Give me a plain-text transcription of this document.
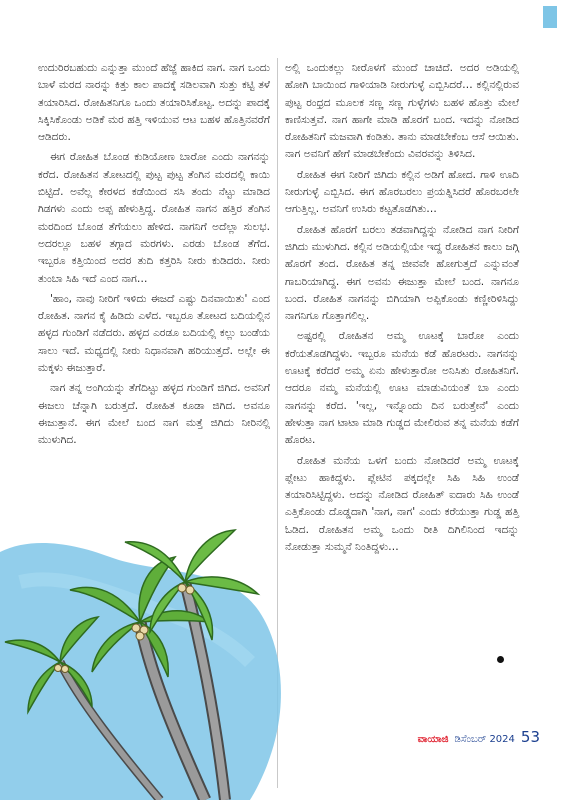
ಉದುರಿರಬಹುದು ಎನ್ನುತ್ತಾ ಮುಂದೆ ಹೆಜ್ಜೆ ಹಾಕಿದ ನಾಗ. ನಾಗ ಒಂದು ಬಾಳೆ ಮರದ ನಾರನ್ನು ಕಿತ್ತು ಕಾಲ ಪಾದಕ್ಕೆ ಸಡಿಲವಾಗಿ ಸುತ್ತು ಕಟ್ಟಿ ತಳೆ ತಯಾರಿಸಿದ. ರೋಹಿತನಿಗೂ ಒಂದು ತಯಾರಿಸಿಕೊಟ್ಟ. ಅದನ್ನು ಪಾದಕ್ಕೆ ಸಿಕ್ಕಿಸಿಕೊಂಡು ಅಡಿಕೆ ಮರ ಹತ್ತಿ ಇಳಿಯುವ ಆಟ ಬಹಳ ಹೊತ್ತಿನವರೆಗೆ ಆಡಿದರು.

ಈಗ ರೋಹಿತ ಬೊಂಡ ಕುಡಿಯೋಣ ಬಾರೋ ಎಂದು ನಾಗನನ್ನು ಕರೆದ. ರೋಹಿತನ ತೋಟದಲ್ಲಿ ಪುಟ್ಟ ಪುಟ್ಟ ತೆಂಗಿನ ಮರದಲ್ಲಿ ಕಾಯಿ ಬಿಟ್ಟಿದೆ. ಅವೆಲ್ಲ ಕೇರಳದ ಕಡೆಯಿಂದ ಸಸಿ ತಂದು ನೆಟ್ಟು ಮಾಡಿದ ಗಿಡಗಳು ಎಂದು ಅಪ್ಪ ಹೇಳುತ್ತಿದ್ದ. ರೋಹಿತ ನಾಗನ ಹತ್ತಿರ ತೆಂಗಿನ ಮರದಿಂದ ಬೊಂಡ ತೆಗೆಯಲು ಹೇಳಿದ. ನಾಗನಿಗೆ ಅದೆಲ್ಲಾ ಸುಲಭ. ಅದರಲ್ಲೂ ಬಹಳ ತಗ್ಗಾದ ಮರಗಳು. ಎರಡು ಬೊಂಡ ತೆಗೆದ. ಇಬ್ಬರೂ ಕತ್ತಿಯಿಂದ ಅದರ ತುದಿ ಕತ್ತರಿಸಿ ನೀರು ಕುಡಿದರು. ನೀರು ತುಂಬಾ ಸಿಹಿ ಇದೆ ಎಂದ ನಾಗ…

'ಹಾಂ, ನಾವು ನೀರಿಗೆ ಇಳಿದು ಈಜದೆ ಎಷ್ಟು ದಿನವಾಯಿತು' ಎಂದ ರೋಹಿತ. ನಾಗನ ಕೈ ಹಿಡಿದು ಎಳೆದ. ಇಬ್ಬರೂ ತೋಟದ ಬದಿಯಲ್ಲಿನ ಹಳ್ಳದ ಗುಂಡಿಗೆ ನಡೆದರು. ಹಳ್ಳದ ಎರಡೂ ಬದಿಯಲ್ಲಿ ಕಲ್ಲು ಬಂಡೆಯ ಸಾಲು ಇದೆ. ಮಧ್ಯದಲ್ಲಿ ನೀರು ನಿಧಾನವಾಗಿ ಹರಿಯುತ್ತದೆ. ಅಲ್ಲೇ ಈ ಮಕ್ಕಳು ಈಜುತ್ತಾರೆ.

ನಾಗ ತನ್ನ ಅಂಗಿಯನ್ನು ತೆಗೆದಿಟ್ಟು ಹಳ್ಳದ ಗುಂಡಿಗೆ ಜಿಗಿದ. ಅವನಿಗೆ ಈಜಲು ಚೆನ್ನಾಗಿ ಬರುತ್ತದೆ. ರೋಹಿತ ಕೂಡಾ ಜಿಗಿದ. ಅವನೂ ಈಜುತ್ತಾನೆ. ಈಗ ಮೇಲೆ ಬಂದ ನಾಗ ಮತ್ತೆ ಜಿಗಿದು ನೀರಿನಲ್ಲಿ ಮುಳುಗಿದ.

ಅಲ್ಲಿ ಒಂದುಕಲ್ಲು ನೀರೊಳಗೆ ಮುಂದೆ ಚಾಚಿದೆ. ಅದರ ಅಡಿಯಲ್ಲಿ ಹೋಗಿ ಬಾಯಿಂದ ಗಾಳಿಯಾಡಿ ನೀರುಗುಳ್ಳೆ ಎಬ್ಬಿಸಿದರೆ… ಕಲ್ಲಿನಲ್ಲಿರುವ ಪುಟ್ಟ ರಂಧ್ರದ ಮೂಲಕ ಸಣ್ಣ ಸಣ್ಣ ಗುಳ್ಳೆಗಳು ಬಹಳ ಹೊತ್ತು ಮೇಲೆ ಕಾಣಿಸುತ್ತವೆ. ನಾಗ ಹಾಗೇ ಮಾಡಿ ಹೊರಗೆ ಬಂದ. ಇದನ್ನು ನೋಡಿದ ರೋಹಿತನಿಗೆ ಮಜವಾಗಿ ಕಂಡಿತು. ತಾನು ಮಾಡಬೇಕೆಂಬ ಆಸೆ ಆಯಿತು. ನಾಗ ಅವನಿಗೆ ಹೇಗೆ ಮಾಡಬೇಕೆಂದು ವಿವರವನ್ನು ತಿಳಿಸಿದ.

ರೋಹಿತ ಈಗ ನೀರಿಗೆ ಜಿಗಿದು ಕಲ್ಲಿನ ಅಡಿಗೆ ಹೋದ. ಗಾಳಿ ಊದಿ ನೀರುಗುಳ್ಳೆ ಎಬ್ಬಿಸಿದ. ಈಗ ಹೊರಬರಲು ಪ್ರಯತ್ನಿಸಿದರೆ ಹೊರಬರಲೇ ಆಗುತ್ತಿಲ್ಲ. ಅವನಿಗೆ ಉಸಿರು ಕಟ್ಟತೊಡಗಿತು…

ರೋಹಿತ ಹೊರಗೆ ಬರಲು ತಡವಾಗಿದ್ದನ್ನು ನೋಡಿದ ನಾಗ ನೀರಿಗೆ ಜಿಗಿದು ಮುಳುಗಿದ. ಕಲ್ಲಿನ ಅಡಿಯಲ್ಲಿಯೇ ಇದ್ದ ರೋಹಿತನ ಕಾಲು ಜಗ್ಗಿ ಹೊರಗೆ ತಂದ. ರೋಹಿತ ತನ್ನ ಜೀವವೇ ಹೋಗುತ್ತದೆ ಎನ್ನುವಂತೆ ಗಾಬರಿಯಾಗಿದ್ದ. ಈಗ ಅವನು ಈಜುತ್ತಾ ಮೇಲೆ ಬಂದ. ನಾಗನೂ ಬಂದ. ರೋಹಿತ ನಾಗನನ್ನು ಬಿಗಿಯಾಗಿ ಅಪ್ಪಿಕೊಂಡು ಕಣ್ಣೀರಿಳಿಸಿದ್ದು ನಾಗನಿಗೂ ಗೊತ್ತಾಗಲಿಲ್ಲ.

ಅಷ್ಟರಲ್ಲಿ ರೋಹಿತನ ಅಮ್ಮ ಊಟಕ್ಕೆ ಬಾರೋ ಎಂದು ಕರೆಯತೊಡಗಿದ್ದಳು. ಇಬ್ಬರೂ ಮನೆಯ ಕಡೆ ಹೊರಟರು. ನಾಗನನ್ನು ಊಟಕ್ಕೆ ಕರೆದರೆ ಅಮ್ಮ ಏನು ಹೇಳುತ್ತಾರೋ ಅನಿಸಿತು ರೋಹಿತನಿಗೆ. ಆದರೂ ನಮ್ಮ ಮನೆಯಲ್ಲಿ ಊಟ ಮಾಡುವಿಯಂತೆ ಬಾ ಎಂದು ನಾಗನನ್ನು ಕರೆದ. 'ಇಲ್ಲ, ಇನ್ನೊಂದು ದಿನ ಬರುತ್ತೇನೆ' ಎಂದು ಹೇಳುತ್ತಾ ನಾಗ ಟಾಟಾ ಮಾಡಿ ಗುಡ್ಡದ ಮೇಲಿರುವ ತನ್ನ ಮನೆಯ ಕಡೆಗೆ ಹೊರಟ.

ರೋಹಿತ ಮನೆಯ ಒಳಗೆ ಬಂದು ನೋಡಿದರೆ ಅಮ್ಮ ಊಟಕ್ಕೆ ಪ್ಲೇಟು ಹಾಕಿದ್ದಳು. ಪ್ಲೇಟಿನ ಪಕ್ಕದಲ್ಲೇ ಸಿಹಿ ಸಿಹಿ ಉಂಡೆ ತಯಾರಿಸಿಟ್ಟಿದ್ದಳು. ಅದನ್ನು ನೋಡಿದ ರೋಹಿತ್ ಐದಾರು ಸಿಹಿ ಉಂಡೆ ಎತ್ತಿಕೊಂಡು ದೊಡ್ಡದಾಗಿ 'ನಾಗ, ನಾಗ' ಎಂದು ಕರೆಯುತ್ತಾ ಗುಡ್ಡ ಹತ್ತಿ ಓಡಿದ. ರೋಹಿತನ ಅಮ್ಮ ಒಂದು ರೀತಿ ದಿಗಿಲಿನಿಂದ ಇದನ್ನು ನೋಡುತ್ತಾ ಸುಮ್ಮನೆ ನಿಂತಿದ್ದಳು…

ವಾಯಾಜಿ ಡಿಸೆಂಬರ್ 2024 53
